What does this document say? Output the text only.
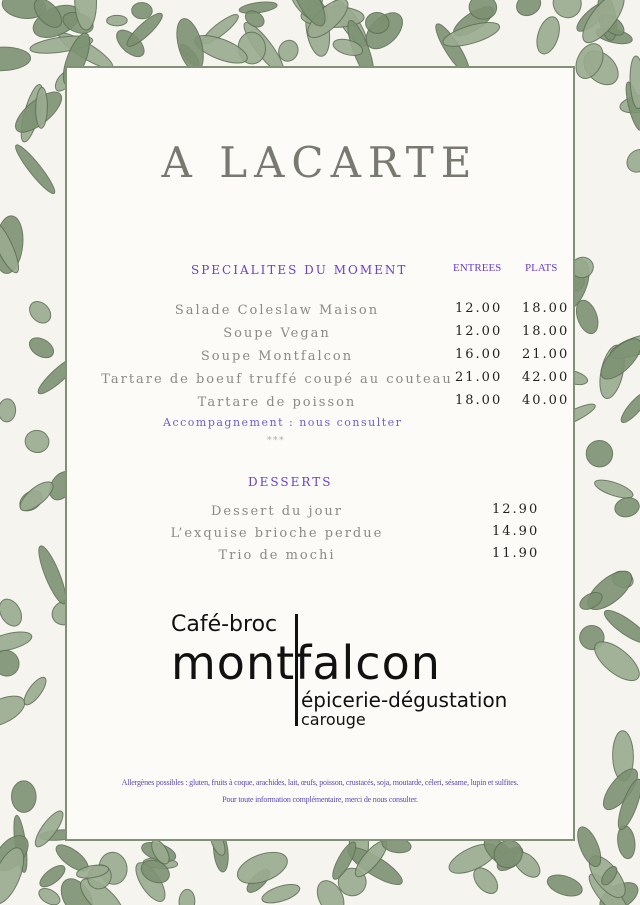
A LACARTE
SPECIALITES DU MOMENT	ENTREES PLATS
Salade Coleslaw Maison	12.00 18.00
Soupe Vegan	12.00 18.00
Soupe Montfalcon	16.00 21.00
Tartare de boeuf truffé coupé au couteau 21.00 42.00
Tartare de poisson	18.00 40.00
Accompagnement : nous consulter
***
DESSERTS
Dessert du jour	12.90
L’exquise brioche perdue	14.90
Trio de mochi	11.90
Café-broc
montfalcon
épicerie-dégustation
carouge
Allergènes possibles : gluten, fruits à coque, arachides, lait, œufs, poisson, crustacés, soja, moutarde, céleri, sésame, lupin et sulfites.
Pour toute information complémentaire, merci de nous consulter.
